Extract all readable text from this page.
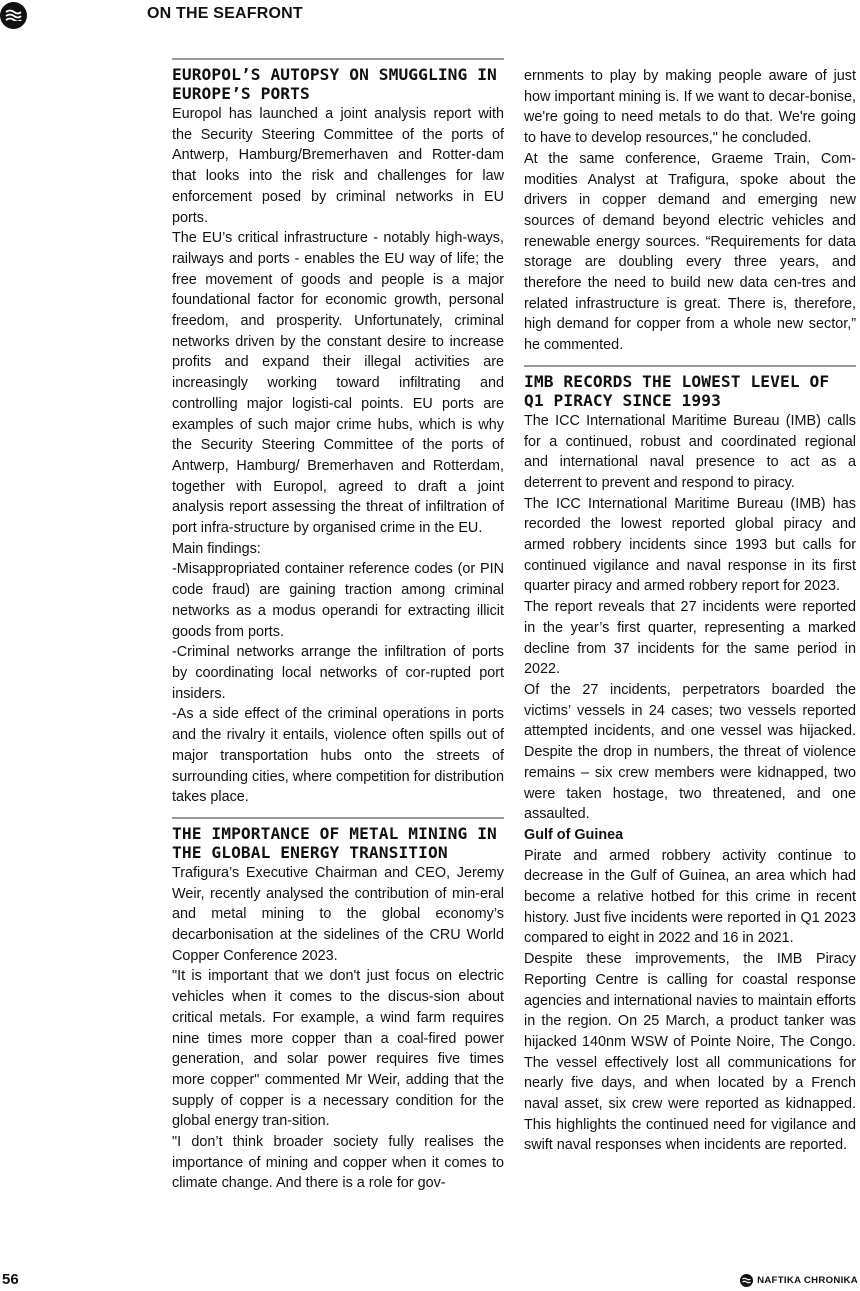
ON THE SEAFRONT
EUROPOL’S AUTOPSY ON SMUGGLING IN EUROPE’S PORTS

Europol has launched a joint analysis report with the Security Steering Committee of the ports of Antwerp, Hamburg/Bremerhaven and Rotter-dam that looks into the risk and challenges for law enforcement posed by criminal networks in EU ports.

The EU’s critical infrastructure - notably high-ways, railways and ports - enables the EU way of life; the free movement of goods and people is a major foundational factor for economic growth, personal freedom, and prosperity. Unfortunately, criminal networks driven by the constant desire to increase profits and expand their illegal activities are increasingly working toward infiltrating and controlling major logisti-cal points. EU ports are examples of such major crime hubs, which is why the Security Steering Committee of the ports of Antwerp, Hamburg/ Bremerhaven and Rotterdam, together with Europol, agreed to draft a joint analysis report assessing the threat of infiltration of port infra-structure by organised crime in the EU.

Main findings:

-Misappropriated container reference codes (or PIN code fraud) are gaining traction among criminal networks as a modus operandi for extracting illicit goods from ports.

-Criminal networks arrange the infiltration of ports by coordinating local networks of cor-rupted port insiders.

-As a side effect of the criminal operations in ports and the rivalry it entails, violence often spills out of major transportation hubs onto the streets of surrounding cities, where competition for distribution takes place.

THE IMPORTANCE OF METAL MINING IN THE GLOBAL ENERGY TRANSITION

Trafigura’s Executive Chairman and CEO, Jeremy Weir, recently analysed the contribution of min-eral and metal mining to the global economy’s decarbonisation at the sidelines of the CRU World Copper Conference 2023.

"It is important that we don't just focus on electric vehicles when it comes to the discus-sion about critical metals. For example, a wind farm requires nine times more copper than a coal-fired power generation, and solar power requires five times more copper" commented Mr Weir, adding that the supply of copper is a necessary condition for the global energy tran-sition.

"I don’t think broader society fully realises the importance of mining and copper when it comes to climate change. And there is a role for gov-

ernments to play by making people aware of just how important mining is. If we want to decar-bonise, we're going to need metals to do that. We're going to have to develop resources," he concluded.

At the same conference, Graeme Train, Com-modities Analyst at Trafigura, spoke about the drivers in copper demand and emerging new sources of demand beyond electric vehicles and renewable energy sources. “Requirements for data storage are doubling every three years, and therefore the need to build new data cen-tres and related infrastructure is great. There is, therefore, high demand for copper from a whole new sector,” he commented.

IMB RECORDS THE LOWEST LEVEL OF Q1 PIRACY SINCE 1993

The ICC International Maritime Bureau (IMB) calls for a continued, robust and coordinated regional and international naval presence to act as a deterrent to prevent and respond to piracy.

The ICC International Maritime Bureau (IMB) has recorded the lowest reported global piracy and armed robbery incidents since 1993 but calls for continued vigilance and naval response in its first quarter piracy and armed robbery report for 2023.

The report reveals that 27 incidents were reported in the year’s first quarter, representing a marked decline from 37 incidents for the same period in 2022.

Of the 27 incidents, perpetrators boarded the victims’ vessels in 24 cases; two vessels reported attempted incidents, and one vessel was hijacked. Despite the drop in numbers, the threat of violence remains – six crew members were kidnapped, two were taken hostage, two threatened, and one assaulted.

Gulf of Guinea

Pirate and armed robbery activity continue to decrease in the Gulf of Guinea, an area which had become a relative hotbed for this crime in recent history. Just five incidents were reported in Q1 2023 compared to eight in 2022 and 16 in 2021.

Despite these improvements, the IMB Piracy Reporting Centre is calling for coastal response agencies and international navies to maintain efforts in the region. On 25 March, a product tanker was hijacked 140nm WSW of Pointe Noire, The Congo. The vessel effectively lost all communications for nearly five days, and when located by a French naval asset, six crew were reported as kidnapped. This highlights the continued need for vigilance and swift naval responses when incidents are reported.

56	NAFTIKA CHRONIKA
